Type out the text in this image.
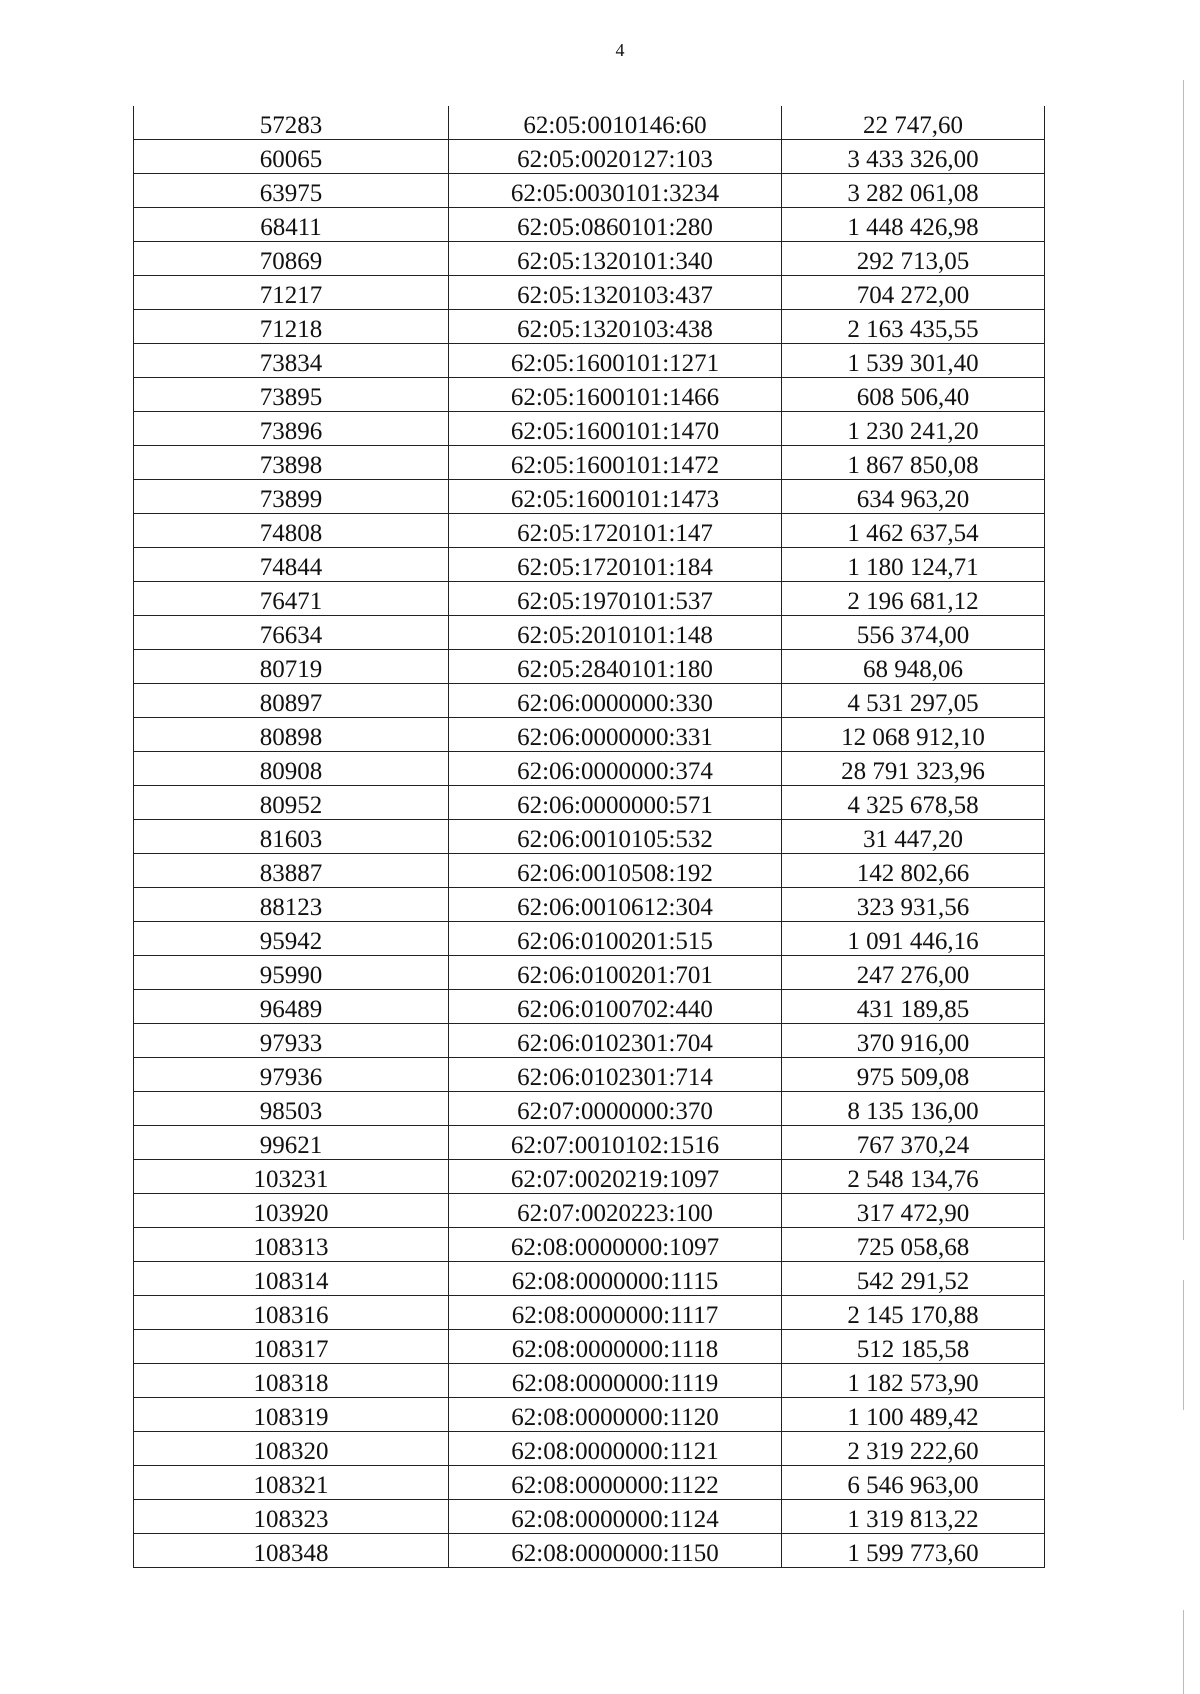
4
57283	62:05:0010146:60	22 747,60
60065	62:05:0020127:103	3 433 326,00
63975	62:05:0030101:3234	3 282 061,08
68411	62:05:0860101:280	1 448 426,98
70869	62:05:1320101:340	292 713,05
71217	62:05:1320103:437	704 272,00
71218	62:05:1320103:438	2 163 435,55
73834	62:05:1600101:1271	1 539 301,40
73895	62:05:1600101:1466	608 506,40
73896	62:05:1600101:1470	1 230 241,20
73898	62:05:1600101:1472	1 867 850,08
73899	62:05:1600101:1473	634 963,20
74808	62:05:1720101:147	1 462 637,54
74844	62:05:1720101:184	1 180 124,71
76471	62:05:1970101:537	2 196 681,12
76634	62:05:2010101:148	556 374,00
80719	62:05:2840101:180	68 948,06
80897	62:06:0000000:330	4 531 297,05
80898	62:06:0000000:331	12 068 912,10
80908	62:06:0000000:374	28 791 323,96
80952	62:06:0000000:571	4 325 678,58
81603	62:06:0010105:532	31 447,20
83887	62:06:0010508:192	142 802,66
88123	62:06:0010612:304	323 931,56
95942	62:06:0100201:515	1 091 446,16
95990	62:06:0100201:701	247 276,00
96489	62:06:0100702:440	431 189,85
97933	62:06:0102301:704	370 916,00
97936	62:06:0102301:714	975 509,08
98503	62:07:0000000:370	8 135 136,00
99621	62:07:0010102:1516	767 370,24
103231	62:07:0020219:1097	2 548 134,76
103920	62:07:0020223:100	317 472,90
108313	62:08:0000000:1097	725 058,68
108314	62:08:0000000:1115	542 291,52
108316	62:08:0000000:1117	2 145 170,88
108317	62:08:0000000:1118	512 185,58
108318	62:08:0000000:1119	1 182 573,90
108319	62:08:0000000:1120	1 100 489,42
108320	62:08:0000000:1121	2 319 222,60
108321	62:08:0000000:1122	6 546 963,00
108323	62:08:0000000:1124	1 319 813,22
108348	62:08:0000000:1150	1 599 773,60
